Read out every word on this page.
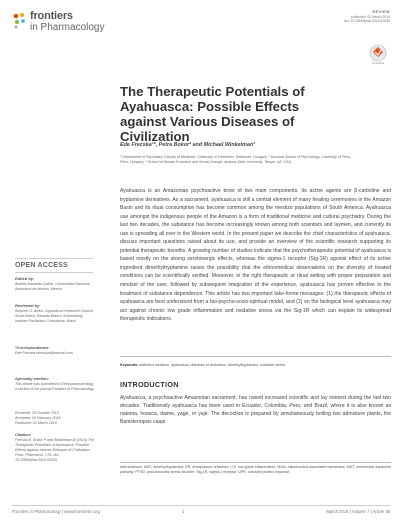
frontiers
in Pharmacology
REVIEW
published: 02 March 2016
doi: 10.3389/fphar.2016.00035
CrossMark
The Therapeutic Potentials of Ayahuasca: Possible Effects against Various Diseases of Civilization
Ede Frecska¹*, Petra Bokor² and Michael Winkelman³
¹ Department of Psychiatry, Faculty of Medicine, University of Debrecen, Debrecen, Hungary, ² Doctoral School of Psychology, University of Pécs, Pécs, Hungary, ³ School of Human Evolution and Social Change, Arizona State University, Tempe, AZ, USA
Ayahuasca is an Amazonian psychoactive brew of two main components. Its active agents are β-carboline and tryptamine derivatives. As a sacrament, ayahuasca is still a central element of many healing ceremonies in the Amazon Basin and its ritual consumption has become common among the mestizo populations of South America. Ayahuasca use amongst the indigenous people of the Amazon is a form of traditional medicine and cultural psychiatry. During the last two decades, the substance has become increasingly known among both scientists and laymen, and currently its use is spreading all over in the Western world. In the present paper we describe the chief characteristics of ayahuasca, discuss important questions raised about its use, and provide an overview of the scientific research supporting its potential therapeutic benefits. A growing number of studies indicate that the psychotherapeutic potential of ayahuasca is based mostly on the strong serotonergic effects, whereas the sigma-1 receptor (Sig-1R) agonist effect of its active ingredient dimethyltryptamine raises the possibility that the ethnomedical observations on the diversity of treated conditions can be scientifically verified. Moreover, in the right therapeutic or ritual setting with proper preparation and mindset of the user, followed by subsequent integration of the experience, ayahuasca has proven effective in the treatment of substance dependence. This article has two important take-home messages: (1) the therapeutic effects of ayahuasca are best understood from a bio-psycho-socio-spiritual model, and (2) on the biological level ayahuasca may act against chronic low grade inflammation and oxidative stress via the Sig-1R which can explain its widespread therapeutic indications.
Keywords: addiction medicine, ayahuasca, diseases of civilization, dimethyltryptamine, oxidative stress
OPEN ACCESS
Edited by:
Andrés Arboleda-Cañón, Universidad Nacional Autónoma de México, Mexico
Reviewed by:
Stephen O. Amoo, Agricultural Research Council, South Africa; Eduardo Blanco Schlemberg, Instituto Paulistano Consultoria, Brazil
*Correspondence:
Ede Frecska efrecska@hotmail.com
Specialty section:
This article was submitted to Ethnopharmacology, a section of the journal Frontiers in Pharmacology
Received: 28 October 2015
Accepted: 09 February 2016
Published: 02 March 2016
Citation:
Frecska E, Bokor P and Winkelman M (2016) The Therapeutic Potentials of Ayahuasca: Possible Effects against Various Diseases of Civilization. Front. Pharmacol. 7:35. doi: 10.3389/fphar.2016.00035
INTRODUCTION
Ayahuasca, a psychoactive Amazonian sacrament, has raised increased scientific and lay interest during the last two decades. Traditionally ayahuasca has been used in Ecuador, Colombia, Peru, and Brazil, where it is also known as natema, hoasca, daime, yagé, or yajé. The decoction is prepared by simultaneously boiling two admixture plants, the Banisteriopsis caapi
Abbreviations: DMT, dimethyltryptamine; ER, endoplasmic reticulum; LGI, low-grade inflammation; MAM, mitochondria-associated membrane; MDT, mesolimbic dopamine pathway; PTSD, post-traumatic stress disorder; Sig-1R, sigma-1 receptor; UPR, unfolded protein response.
Frontiers in Pharmacology | www.frontiersin.org	1	March 2016 | Volume 7 | Article 35
